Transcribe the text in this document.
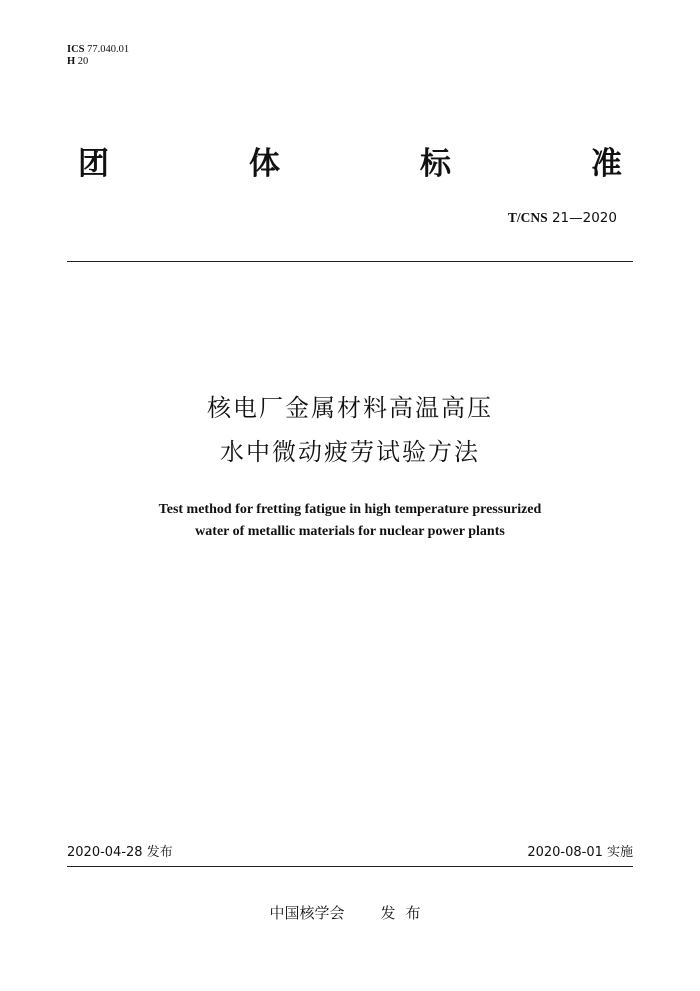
ICS 77.040.01
H 20
团	体	标	准
T/CNS 21—2020
核电厂金属材料高温高压
水中微动疲劳试验方法
Test method for fretting fatigue in high temperature pressurized
water of metallic materials for nuclear power plants
2020-04-28 发布	2020-08-01 实施
中国核学会 发布
